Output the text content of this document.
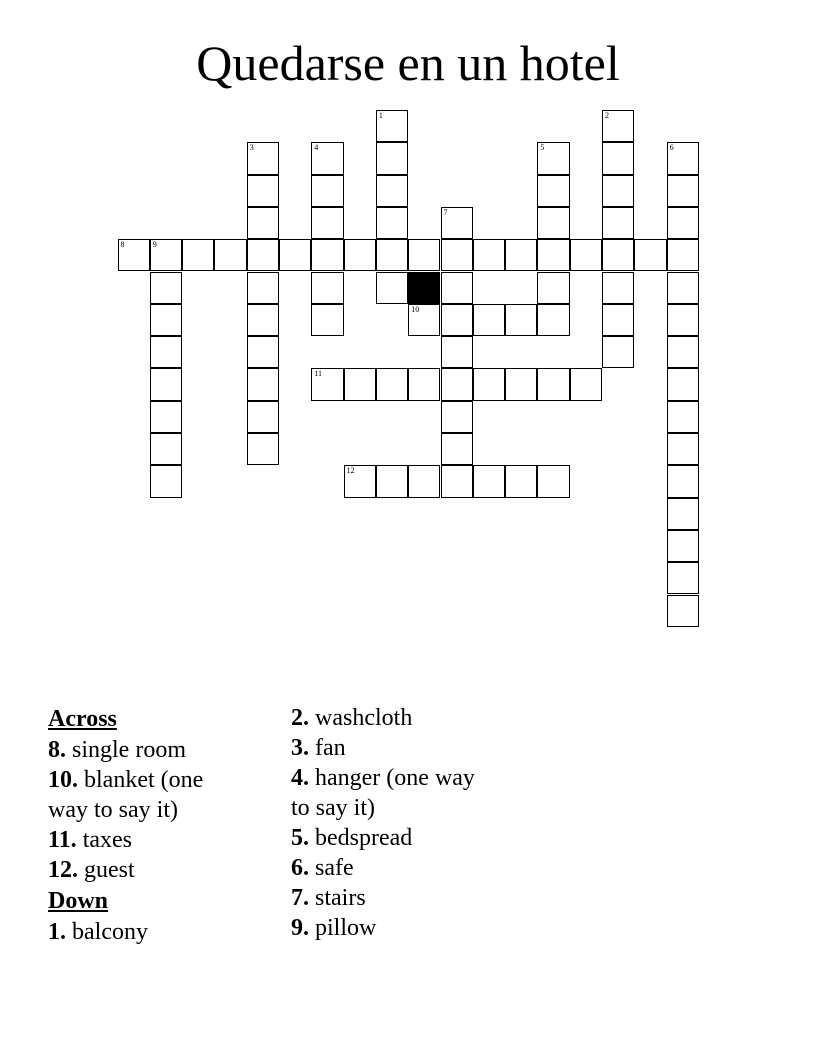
Quedarse en un hotel
1	2
3	4	5	6
7
8	9
10
11
12
Across
8. single room
10. blanket (one way to say it)
11. taxes
12. guest
Down
1. balcony
2. washcloth
3. fan
4. hanger (one way to say it)
5. bedspread
6. safe
7. stairs
9. pillow
